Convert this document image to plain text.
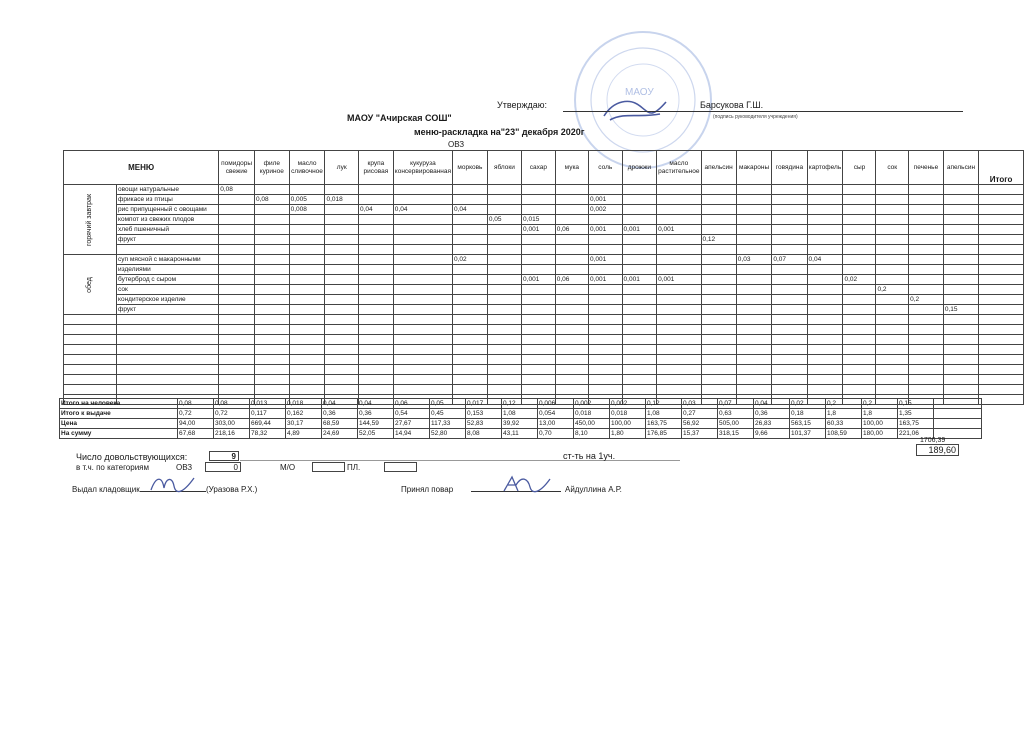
МАОУ
Утверждаю:	Барсукова Г.Ш.
(подпись руководителя учреждения)
МАОУ "Ачирская СОШ"
меню-раскладка на"23" декабря 2020г
ОВЗ
МЕНЮ		помидоры свежие	филе куриное	масло сливочное	лук	крупа рисовая	кукуруза консервированная	морковь	яблоки	сахар	мука	соль	дрожжи	масло растительное	апельсин	макароны	говядина	картофель	сыр	сок	печенье	апельсин	Итого
горячий завтрак	овощи натуральные	0,08																					
	фрикасе из птицы		0,08	0,005	0,018							0,001											
	рис припущенный с овощами			0,008		0,04	0,04	0,04				0,002											
	компот из свежих плодов								0,05	0,015													
	хлеб пшеничный									0,001	0,06	0,001	0,001	0,001									
	фрукт														0,12								

обед	суп мясной с макаронными							0,02				0,001				0,03	0,07	0,04					
	изделиями																						
	бутерброд с сыром									0,001	0,06	0,001	0,001	0,001					0,02				
	сок																			0,2			
	кондитерское изделие																				0,2		
	фрукт																					0,15	

Итого на человека	0,08	0,08	0,013	0,018	0,04	0,04	0,06	0,05	0,017	0,12	0,006	0,002	0,002	0,12	0,03	0,07	0,04	0,02	0,2	0,2	0,15	
Итого к выдаче	0,72	0,72	0,117	0,162	0,36	0,36	0,54	0,45	0,153	1,08	0,054	0,018	0,018	1,08	0,27	0,63	0,36	0,18	1,8	1,8	1,35	
Цена	94,00	303,00	669,44	30,17	68,59	144,59	27,67	117,33	52,83	39,92	13,00	450,00	100,00	163,75	56,92	505,00	26,83	563,15	60,33	100,00	163,75	
На сумму	67,68	218,16	78,32	4,89	24,69	52,05	14,94	52,80	8,08	43,11	0,70	8,10	1,80	176,85	15,37	318,15	9,66	101,37	108,59	180,00	221,06	
Число довольствующихся:	9	ст-ть на 1уч.
1706,39
189,60
в т.ч. по категориям	ОВЗ	0	М/О	ПЛ.
Выдал кладовщик	(Уразова Р.Х.)	Принял повар	Айдуллина А.Р.
